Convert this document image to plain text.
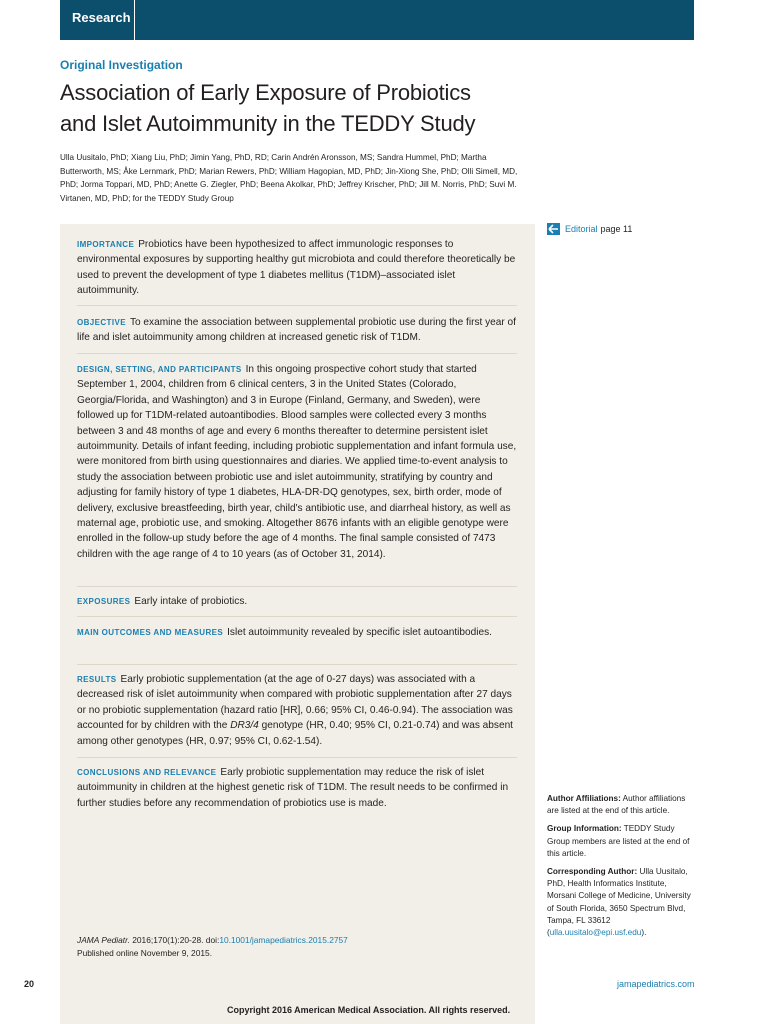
Research
Original Investigation
Association of Early Exposure of Probiotics
and Islet Autoimmunity in the TEDDY Study

Ulla Uusitalo, PhD; Xiang Liu, PhD; Jimin Yang, PhD, RD; Carin Andrén Aronsson, MS; Sandra Hummel, PhD; Martha Butterworth, MS; Åke Lernmark, PhD; Marian Rewers, PhD; William Hagopian, MD, PhD; Jin-Xiong She, PhD; Olli Simell, MD, PhD; Jorma Toppari, MD, PhD; Anette G. Ziegler, PhD; Beena Akolkar, PhD; Jeffrey Krischer, PhD; Jill M. Norris, PhD; Suvi M. Virtanen, MD, PhD; for the TEDDY Study Group

IMPORTANCE Probiotics have been hypothesized to affect immunologic responses to environmental exposures by supporting healthy gut microbiota and could therefore theoretically be used to prevent the development of type 1 diabetes mellitus (T1DM)–associated islet autoimmunity.

OBJECTIVE To examine the association between supplemental probiotic use during the first year of life and islet autoimmunity among children at increased genetic risk of T1DM.

DESIGN, SETTING, AND PARTICIPANTS In this ongoing prospective cohort study that started September 1, 2004, children from 6 clinical centers, 3 in the United States (Colorado, Georgia/Florida, and Washington) and 3 in Europe (Finland, Germany, and Sweden), were followed up for T1DM-related autoantibodies. Blood samples were collected every 3 months between 3 and 48 months of age and every 6 months thereafter to determine persistent islet autoimmunity. Details of infant feeding, including probiotic supplementation and infant formula use, were monitored from birth using questionnaires and diaries. We applied time-to-event analysis to study the association between probiotic use and islet autoimmunity, stratifying by country and adjusting for family history of type 1 diabetes, HLA-DR-DQ genotypes, sex, birth order, mode of delivery, exclusive breastfeeding, birth year, child's antibiotic use, and diarrheal history, as well as maternal age, probiotic use, and smoking. Altogether 8676 infants with an eligible genotype were enrolled in the follow-up study before the age of 4 months. The final sample consisted of 7473 children with the age range of 4 to 10 years (as of October 31, 2014).

EXPOSURES Early intake of probiotics.

MAIN OUTCOMES AND MEASURES Islet autoimmunity revealed by specific islet autoantibodies.

RESULTS Early probiotic supplementation (at the age of 0-27 days) was associated with a decreased risk of islet autoimmunity when compared with probiotic supplementation after 27 days or no probiotic supplementation (hazard ratio [HR], 0.66; 95% CI, 0.46-0.94). The association was accounted for by children with the DR3/4 genotype (HR, 0.40; 95% CI, 0.21-0.74) and was absent among other genotypes (HR, 0.97; 95% CI, 0.62-1.54).

CONCLUSIONS AND RELEVANCE Early probiotic supplementation may reduce the risk of islet autoimmunity in children at the highest genetic risk of T1DM. The result needs to be confirmed in further studies before any recommendation of probiotics use is made.

JAMA Pediatr. 2016;170(1):20-28. doi:10.1001/jamapediatrics.2015.2757
Published online November 9, 2015.
Editorial page 11

Author Affiliations: Author affiliations are listed at the end of this article.

Group Information: TEDDY Study Group members are listed at the end of this article.

Corresponding Author: Ulla Uusitalo, PhD, Health Informatics Institute, Morsani College of Medicine, University of South Florida, 3650 Spectrum Blvd, Tampa, FL 33612
(ulla.uusitalo@epi.usf.edu).

20	jamapediatrics.com
Copyright 2016 American Medical Association. All rights reserved.
